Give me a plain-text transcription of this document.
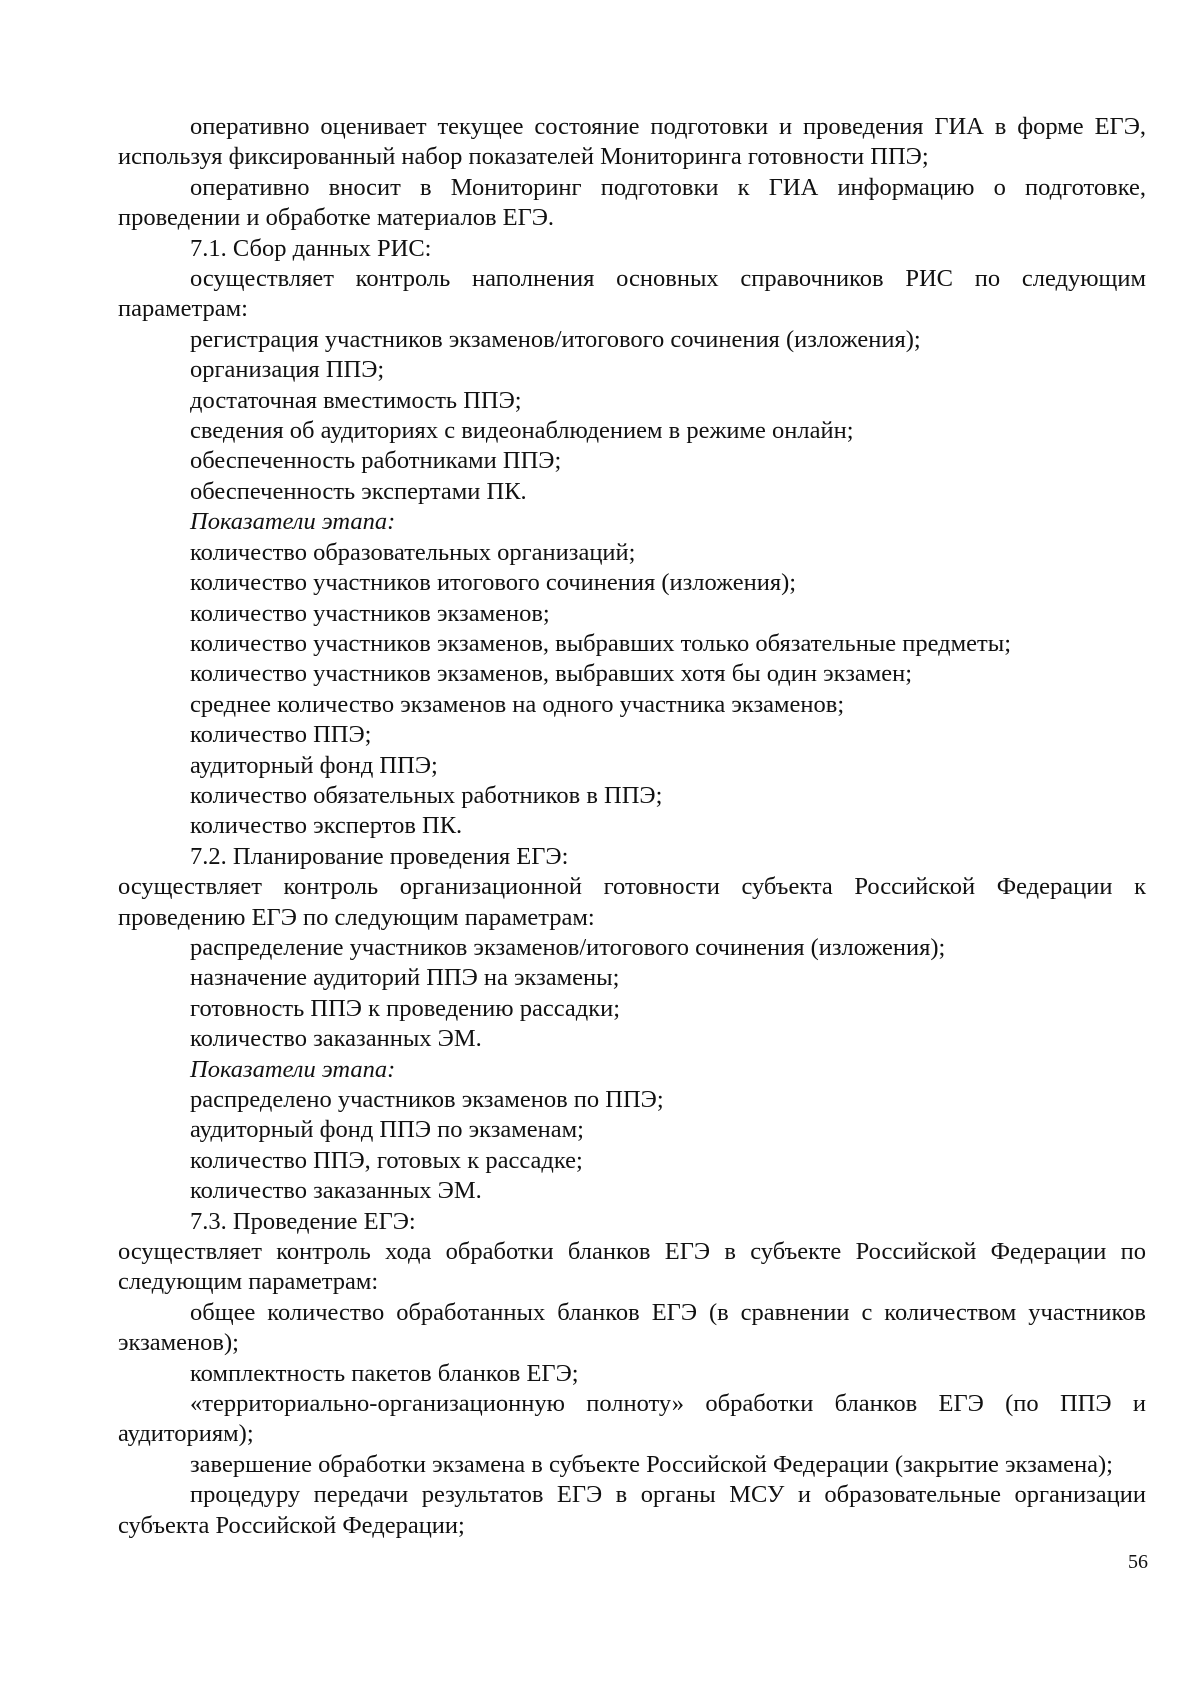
оперативно оценивает текущее состояние подготовки и проведения ГИА в форме ЕГЭ, используя фиксированный набор показателей Мониторинга готовности ППЭ;

оперативно вносит в Мониторинг подготовки к ГИА информацию о подготовке, проведении и обработке материалов ЕГЭ.

7.1. Сбор данных РИС:

осуществляет контроль наполнения основных справочников РИС по следующим параметрам:

регистрация участников экзаменов/итогового сочинения (изложения);

организация ППЭ;

достаточная вместимость ППЭ;

сведения об аудиториях с видеонаблюдением в режиме онлайн;

обеспеченность работниками ППЭ;

обеспеченность экспертами ПК.

Показатели этапа:

количество образовательных организаций;

количество участников итогового сочинения (изложения);

количество участников экзаменов;

количество участников экзаменов, выбравших только обязательные предметы;

количество участников экзаменов, выбравших хотя бы один экзамен;

среднее количество экзаменов на одного участника экзаменов;

количество ППЭ;

аудиторный фонд ППЭ;

количество обязательных работников в ППЭ;

количество экспертов ПК.

7.2. Планирование проведения ЕГЭ:

осуществляет контроль организационной готовности субъекта Российской Федерации к проведению ЕГЭ по следующим параметрам:

распределение участников экзаменов/итогового сочинения (изложения);

назначение аудиторий ППЭ на экзамены;

готовность ППЭ к проведению рассадки;

количество заказанных ЭМ.

Показатели этапа:

распределено участников экзаменов по ППЭ;

аудиторный фонд ППЭ по экзаменам;

количество ППЭ, готовых к рассадке;

количество заказанных ЭМ.

7.3. Проведение ЕГЭ:

осуществляет контроль хода обработки бланков ЕГЭ в субъекте Российской Федерации по следующим параметрам:

общее количество обработанных бланков ЕГЭ (в сравнении с количеством участников экзаменов);

комплектность пакетов бланков ЕГЭ;

«территориально-организационную полноту» обработки бланков ЕГЭ (по ППЭ и аудиториям);

завершение обработки экзамена в субъекте Российской Федерации (закрытие экзамена);

процедуру передачи результатов ЕГЭ в органы МСУ и образовательные организации субъекта Российской Федерации;

56
